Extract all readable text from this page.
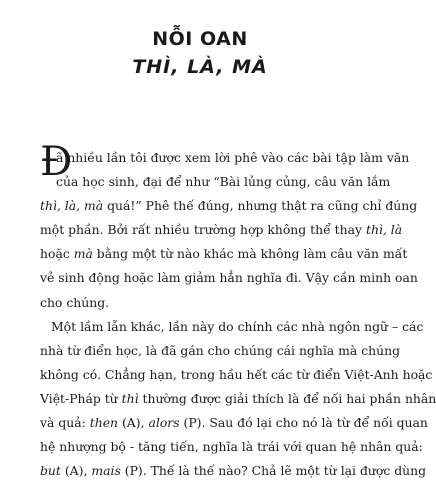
NỖI OAN
THÌ, LÀ, MÀ
Đ
ã nhiều lần tôi được xem lời phê vào các bài tập làm văn
của học sinh, đại để như “Bài lủng củng, câu văn lắm
thì, là, mà quá!” Phê thế đúng, nhưng thật ra cũng chỉ đúng
một phần. Bởi rất nhiều trường hợp không thể thay thì, là
hoặc mà bằng một từ nào khác mà không làm câu văn mất
vẻ sinh động hoặc làm giảm hẳn nghĩa đi. Vậy cần minh oan
cho chúng.
Một lầm lẫn khác, lần này do chính các nhà ngôn ngữ – các
nhà từ điển học, là đã gán cho chúng cái nghĩa mà chúng
không có. Chẳng hạn, trong hầu hết các từ điển Việt-Anh hoặc
Việt-Pháp từ thì thường được giải thích là để nối hai phần nhân
và quả: then (A), alors (P). Sau đó lại cho nó là từ để nối quan
hệ nhượng bộ - tăng tiến, nghĩa là trái với quan hệ nhân quả:
but (A), mais (P). Thế là thế nào? Chả lẽ một từ lại được dùng
